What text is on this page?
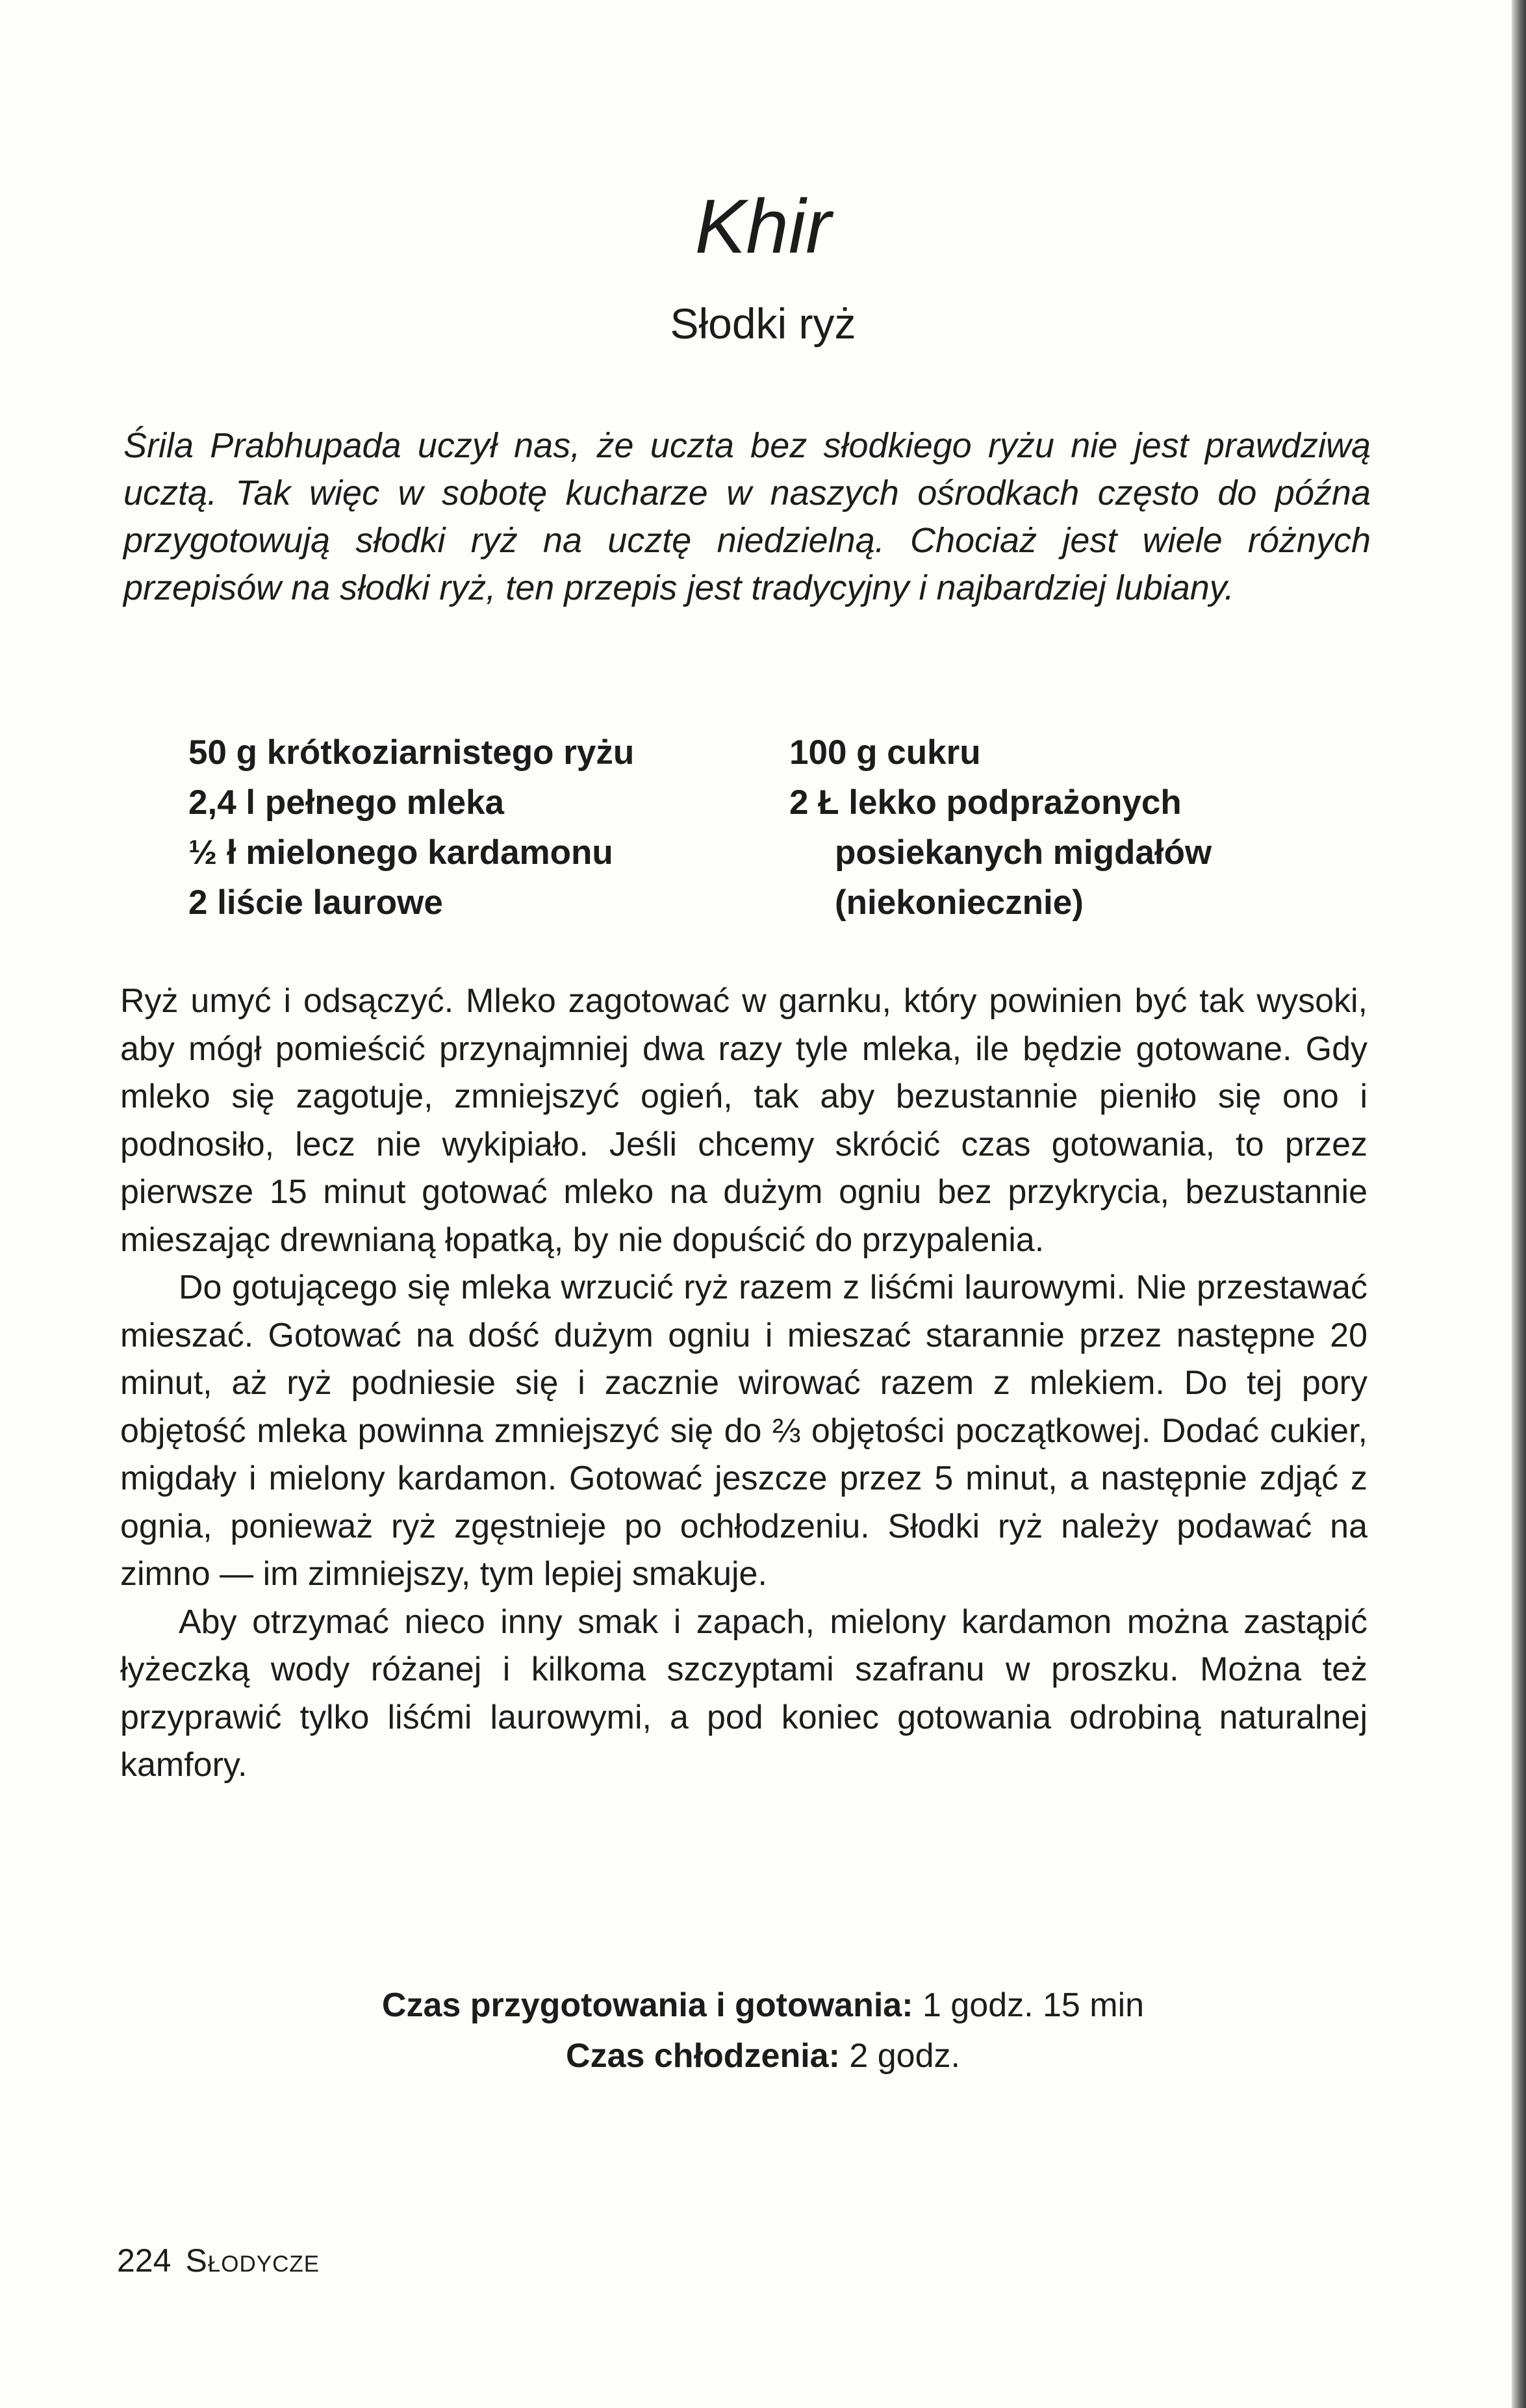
Khir
Słodki ryż
Śrila Prabhupada uczył nas, że uczta bez słodkiego ryżu nie jest prawdziwą ucztą. Tak więc w sobotę kucharze w naszych ośrodkach często do późna przygotowują słodki ryż na ucztę niedzielną. Chociaż jest wiele różnych przepisów na słodki ryż, ten przepis jest tradycyjny i najbardziej lubiany.
50 g krótkoziarnistego ryżu
2,4 l pełnego mleka
½ ł mielonego kardamonu
2 liście laurowe
100 g cukru
2 Ł lekko podprażonych
posiekanych migdałów
(niekoniecznie)

Ryż umyć i odsączyć. Mleko zagotować w garnku, który powinien być tak wysoki, aby mógł pomieścić przynajmniej dwa razy tyle mleka, ile będzie gotowane. Gdy mleko się zagotuje, zmniejszyć ogień, tak aby bezustannie pieniło się ono i podnosiło, lecz nie wykipiało. Jeśli chcemy skrócić czas gotowania, to przez pierwsze 15 minut gotować mleko na dużym ogniu bez przykrycia, bezustannie mieszając drewnianą łopatką, by nie dopuścić do przypalenia.

Do gotującego się mleka wrzucić ryż razem z liśćmi laurowymi. Nie przestawać mieszać. Gotować na dość dużym ogniu i mieszać starannie przez następne 20 minut, aż ryż podniesie się i zacznie wirować razem z mlekiem. Do tej pory objętość mleka powinna zmniejszyć się do ⅔ objętości początkowej. Dodać cukier, migdały i mielony kardamon. Gotować jeszcze przez 5 minut, a następnie zdjąć z ognia, ponieważ ryż zgęstnieje po ochłodzeniu. Słodki ryż należy podawać na zimno — im zimniejszy, tym lepiej smakuje.

Aby otrzymać nieco inny smak i zapach, mielony kardamon można zastąpić łyżeczką wody różanej i kilkoma szczyptami szafranu w proszku. Można też przyprawić tylko liśćmi laurowymi, a pod koniec gotowania odrobiną naturalnej kamfory.

Czas przygotowania i gotowania: 1 godz. 15 min
Czas chłodzenia: 2 godz.
224 Słodycze
